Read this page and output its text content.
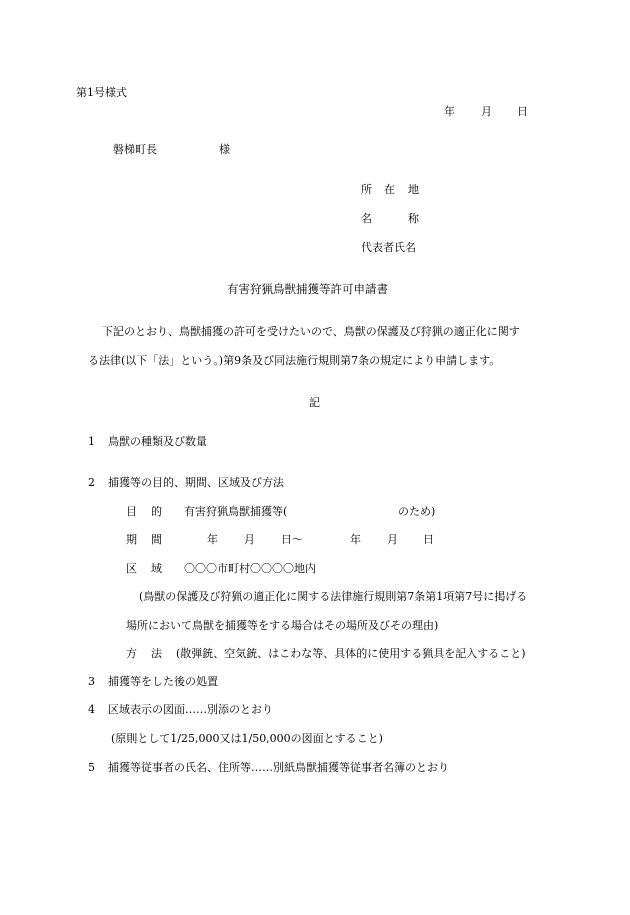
第1号様式
年 月 日
磐梯町長	様
所 在 地
名	称
代表者氏名
有害狩猟鳥獣捕獲等許可申請書
下記のとおり、鳥獣捕獲の許可を受けたいので、鳥獣の保護及び狩猟の適正化に関す
る法律(以下「法」という。)第9条及び同法施行規則第7条の規定により申請します。
記
1 鳥獣の種類及び数量
2 捕獲等の目的、期間、区域及び方法
目 的 有害狩猟鳥獣捕獲等(	のため)
期 間	年 月 日〜	年 月 日
区 域 〇〇〇市町村〇〇〇〇地内
(鳥獣の保護及び狩猟の適正化に関する法律施行規則第7条第1項第7号に掲げる
場所において鳥獣を捕獲等をする場合はその場所及びその理由)
方 法 (散弾銃、空気銃、はこわな等、具体的に使用する猟具を記入すること)
3 捕獲等をした後の処置
4 区域表示の図面……別添のとおり
(原則として1/25,000又は1/50,000の図面とすること)
5 捕獲等従事者の氏名、住所等……別紙鳥獣捕獲等従事者名簿のとおり
